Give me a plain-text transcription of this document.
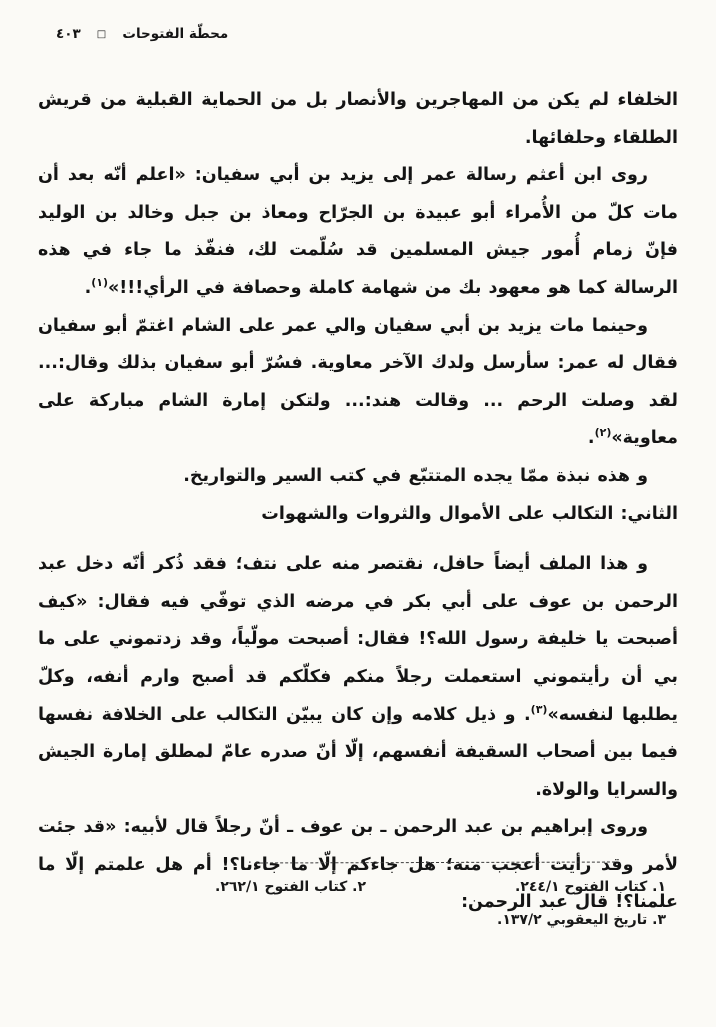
محطّة الفتوحات
□
٤٠٣

الخلفاء لم يكن من المهاجرين والأنصار بل من الحماية القبلية من قريش الطلقاء وحلفائها.

روى ابن أعثم رسالة عمر إلى يزيد بن أبي سفيان: «اعلم أنّه بعد أن مات كلّ من الأُمراء أبو عبيدة بن الجرّاح ومعاذ بن جبل وخالد بن الوليد فإنّ زمام أُمور جيش المسلمين قد سُلّمت لك، فنفّذ ما جاء في هذه الرسالة كما هو معهود بك من شهامة كاملة وحصافة في الرأي!!!»$^{(١)}$.

وحينما مات يزيد بن أبي سفيان والي عمر على الشام اغتمّ أبو سفيان فقال له عمر: سأرسل ولدك الآخر معاوية. فسُرّ أبو سفيان بذلك وقال:... لقد وصلت الرحم ... وقالت هند:... ولتكن إمارة الشام مباركة على معاوية»$^{(٢)}$.

و هذه نبذة ممّا يجده المتتبّع في كتب السير والتواريخ.

الثاني: التكالب على الأموال والثروات والشهوات

و هذا الملف أيضاً حافل، نقتصر منه على نتف؛ فقد ذُكر أنّه دخل عبد الرحمن بن عوف على أبي بكر في مرضه الذي توفّي فيه فقال: «كيف أصبحت يا خليفة رسول الله؟! فقال: أصبحت مولّياً، وقد زدتموني على ما بي أن رأيتموني استعملت رجلاً منكم فكلّكم قد أصبح وارم أنفه، وكلّ يطلبها لنفسه»$^{(٣)}$. و ذيل كلامه وإن كان يبيّن التكالب على الخلافة نفسها فيما بين أصحاب السقيفة أنفسهم، إلّا أنّ صدره عامّ لمطلق إمارة الجيش والسرايا والولاة.

وروى إبراهيم بن عبد الرحمن ـ بن عوف ـ أنّ رجلاً قال لأبيه: «قد جئت لأمر وقد رأيت أعجب منه؛ هل جاءكم إلّا ما جاءنا؟! أم هل علمتم إلّا ما علمنا؟! قال عبد الرحمن:

١. كتاب الفتوح ٢٤٤/١.
٢. كتاب الفتوح ٢٦٢/١.
٣. تاريخ اليعقوبي ١٣٧/٢.
